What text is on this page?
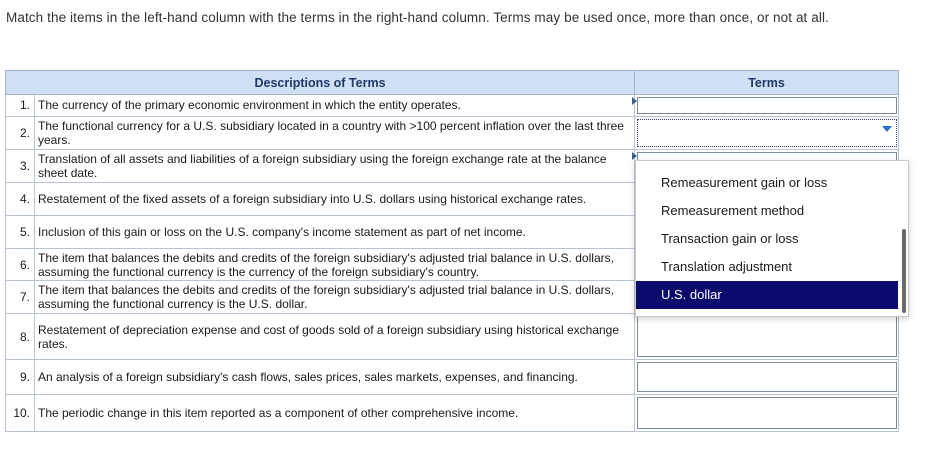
Match the items in the left-hand column with the terms in the right-hand column. Terms may be used once, more than once, or not at all.
Descriptions of Terms		Terms
1.	The currency of the primary economic environment in which the entity operates.	

2.	The functional currency for a U.S. subsidiary located in a country with >100 percent inflation over the last three years.	

3.	Translation of all assets and liabilities of a foreign subsidiary using the foreign exchange rate at the balance sheet date.	

4.	Restatement of the fixed assets of a foreign subsidiary into U.S. dollars using historical exchange rates.	

5.	Inclusion of this gain or loss on the U.S. company's income statement as part of net income.	

6.	The item that balances the debits and credits of the foreign subsidiary's adjusted trial balance in U.S. dollars, assuming the functional currency is the currency of the foreign subsidiary's country.	

7.	The item that balances the debits and credits of the foreign subsidiary's adjusted trial balance in U.S. dollars, assuming the functional currency is the U.S. dollar.	

8.	Restatement of depreciation expense and cost of goods sold of a foreign subsidiary using historical exchange rates.	

9.	An analysis of a foreign subsidiary's cash flows, sales prices, sales markets, expenses, and financing.	

10.	The periodic change in this item reported as a component of other comprehensive income.	
Remeasurement gain or loss
Remeasurement method
Transaction gain or loss
Translation adjustment
U.S. dollar
